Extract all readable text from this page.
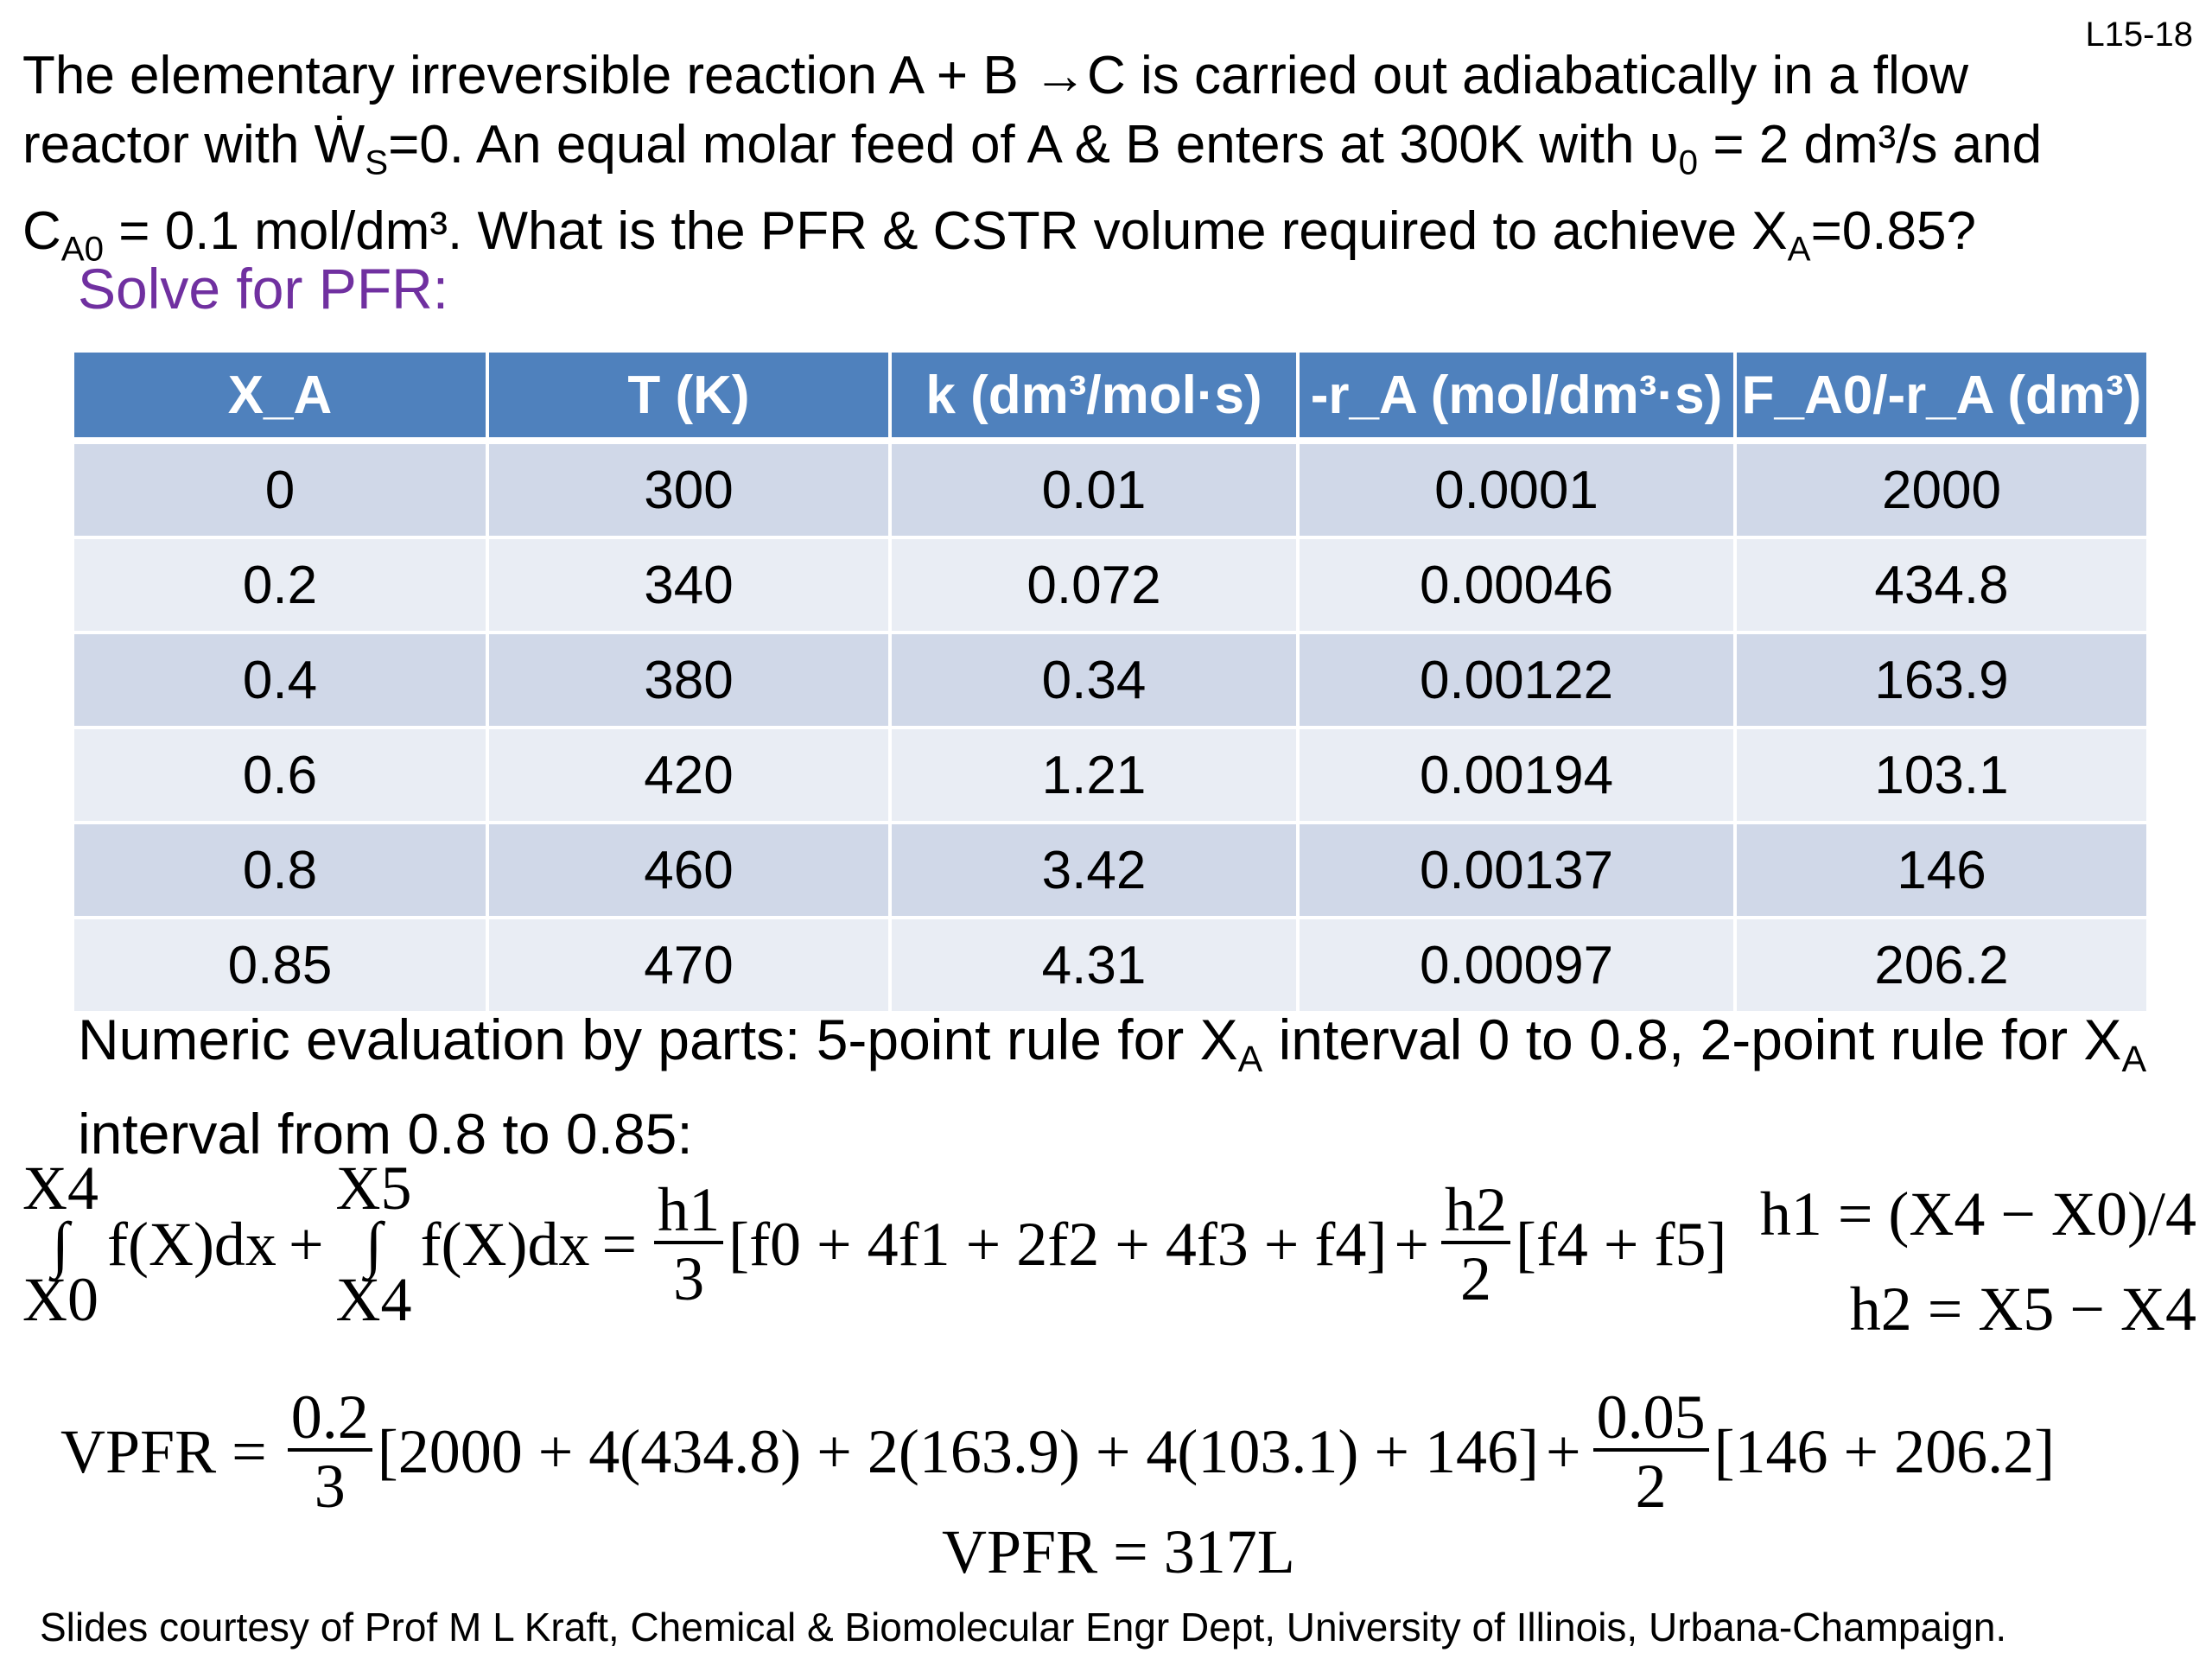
L15-18
The elementary irreversible reaction A + B →C is carried out adiabatically in a flow
reactor with $Ẇ_S=0$. An equal molar feed of A & B enters at 300K with $\upsilon_0 = 2$ dm³/s and
$C_{A0} = 0.1$ mol/dm³. What is the PFR & CSTR volume required to achieve $X_A=0.85$?
Solve for PFR:
X_A	T (K)	k (dm³/mol·s)	-r_A (mol/dm³·s)	F_A0/-r_A (dm³)
0	300	0.01	0.0001	2000
0.2	340	0.072	0.00046	434.8
0.4	380	0.34	0.00122	163.9
0.6	420	1.21	0.00194	103.1
0.8	460	3.42	0.00137	146
0.85	470	4.31	0.00097	206.2
Numeric evaluation by parts: 5-point rule for $X_A$ interval 0 to 0.8, 2-point rule for $X_A$ interval from 0.8 to 0.85:
X4
∫
X0
f(X)dx +
X5
∫
X4
$f(X)dx = \frac{h1}{3} [f0 + 4f1 + 2f2 + 4f3 + f4] + \frac{h2}{2} [f4 + f5] h1 = (X4 - X0)/4$
h2 = X5 − X4
VPFR = $\frac{0.2}{3} [2000 + 4(434.8) + 2(163.9) + 4(103.1) + 146] + \frac{0.05}{2} [146 + 206.2]$
VPFR = 317L
Slides courtesy of Prof M L Kraft, Chemical & Biomolecular Engr Dept, University of Illinois, Urbana-Champaign.
